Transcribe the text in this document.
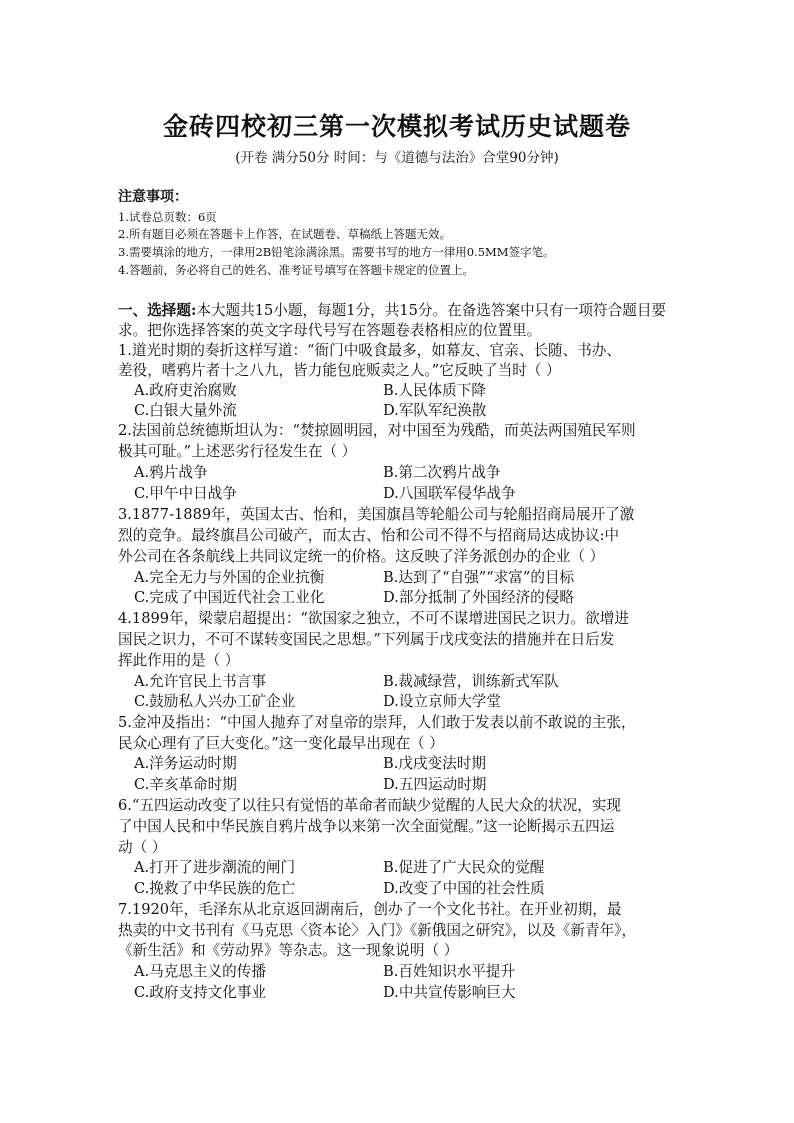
金砖四校初三第一次模拟考试历史试题卷
(开卷 满分50分 时间：与《道德与法治》合堂90分钟)
注意事项：
1.试卷总页数：6页
2.所有题目必须在答题卡上作答，在试题卷、草稿纸上答题无效。
3.需要填涂的地方，一律用2B铅笔涂满涂黑。需要书写的地方一律用0.5MM签字笔。
4.答题前，务必将自己的姓名、准考证号填写在答题卡规定的位置上。
一、选择题:本大题共15小题，每题1分，共15分。在备选答案中只有一项符合题目要
求。把你选择答案的英文字母代号写在答题卷表格相应的位置里。
1.道光时期的奏折这样写道：“衙门中吸食最多，如幕友、官亲、长随、书办、
差役，嗜鸦片者十之八九，皆力能包庇贩卖之人。”它反映了当时（ ）
A.政府吏治腐败	B.人民体质下降
C.白银大量外流	D.军队军纪涣散
2.法国前总统德斯坦认为：“焚掠圆明园，对中国至为残酷，而英法两国殖民军则
极其可耻。”上述恶劣行径发生在（ ）
A.鸦片战争	B.第二次鸦片战争
C.甲午中日战争	D.八国联军侵华战争
3.1877-1889年，英国太古、怡和，美国旗昌等轮船公司与轮船招商局展开了激
烈的竞争。最终旗昌公司破产，而太古、怡和公司不得不与招商局达成协议:中
外公司在各条航线上共同议定统一的价格。这反映了洋务派创办的企业（ ）
A.完全无力与外国的企业抗衡	B.达到了“自强”“求富”的目标
C.完成了中国近代社会工业化	D.部分抵制了外国经济的侵略
4.1899年，梁蒙启超提出：“欲国家之独立，不可不谋增进国民之识力。欲增进
国民之识力，不可不谋转变国民之思想。”下列属于戊戌变法的措施并在日后发
挥此作用的是（ ）
A.允许官民上书言事	B.裁减绿营，训练新式军队
C.鼓励私人兴办工矿企业	D.设立京师大学堂
5.金冲及指出：“中国人抛弃了对皇帝的崇拜，人们敢于发表以前不敢说的主张，
民众心理有了巨大变化。”这一变化最早出现在（ ）
A.洋务运动时期	B.戊戌变法时期
C.辛亥革命时期	D.五四运动时期
6.“五四运动改变了以往只有觉悟的革命者而缺少觉醒的人民大众的状况，实现
了中国人民和中华民族自鸦片战争以来第一次全面觉醒。”这一论断揭示五四运
动（ ）
A.打开了进步潮流的闸门	B.促进了广大民众的觉醒
C.挽救了中华民族的危亡	D.改变了中国的社会性质
7.1920年，毛泽东从北京返回湖南后，创办了一个文化书社。在开业初期，最
热卖的中文书刊有《马克思〈资本论〉入门》《新俄国之研究》，以及《新青年》，
《新生活》和《劳动界》等杂志。这一现象说明（ ）
A.马克思主义的传播	B.百姓知识水平提升
C.政府支持文化事业	D.中共宣传影响巨大
